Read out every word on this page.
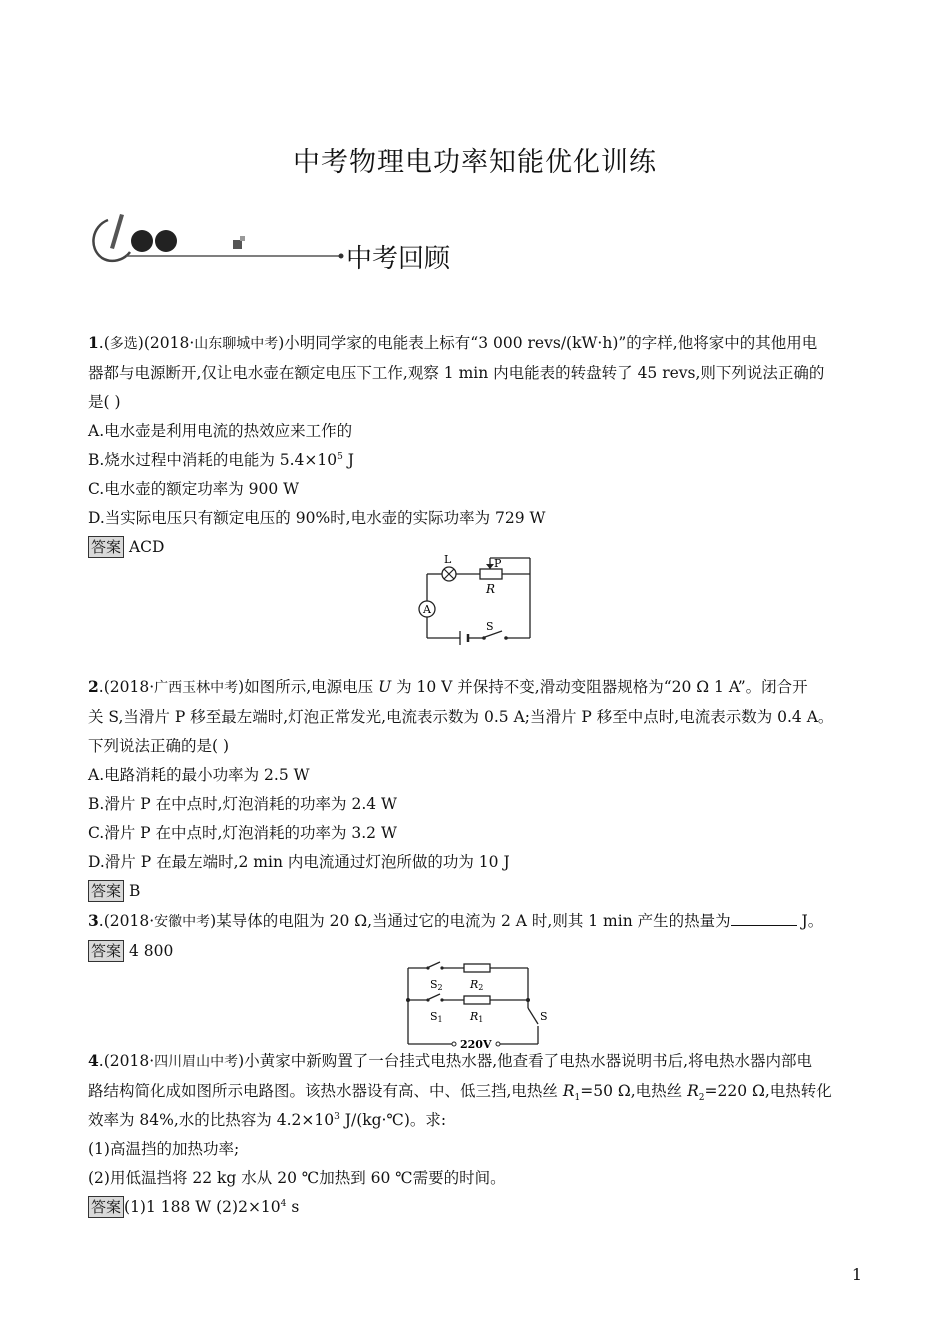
中考物理电功率知能优化训练
中考回顾
1.(多选)(2018·山东聊城中考)小明同学家的电能表上标有“3 000 revs/(kW·h)”的字样,他将家中的其他用电
器都与电源断开,仅让电水壶在额定电压下工作,观察 1 min 内电能表的转盘转了 45 revs,则下列说法正确的
是( )
A.电水壶是利用电流的热效应来工作的
B.烧水过程中消耗的电能为 $5.4\times 10^5$ J
C.电水壶的额定功率为 900 W
D.当实际电压只有额定电压的 90%时,电水壶的实际功率为 729 W
答案 ACD
A
L	P
R
S
2.(2018·广西玉林中考)如图所示,电源电压 U 为 10 V 并保持不变,滑动变阻器规格为“20 Ω 1 A”。闭合开
关 S,当滑片 P 移至最左端时,灯泡正常发光,电流表示数为 0.5 A;当滑片 P 移至中点时,电流表示数为 0.4 A。
下列说法正确的是( )
A.电路消耗的最小功率为 2.5 W
B.滑片 P 在中点时,灯泡消耗的功率为 2.4 W
C.滑片 P 在中点时,灯泡消耗的功率为 3.2 W
D.滑片 P 在最左端时,2 min 内电流通过灯泡所做的功为 10 J
答案 B
3.(2018·安徽中考)某导体的电阻为 20 Ω,当通过它的电流为 2 A 时,则其 1 min 产生的热量为	J。
答案 4 800
S2 R2
S1 R1	S
220V
4.(2018·四川眉山中考)小黄家中新购置了一台挂式电热水器,他查看了电热水器说明书后,将电热水器内部电
路结构简化成如图所示电路图。该热水器设有高、中、低三挡,电热丝 $R_1=50$ Ω,电热丝 $R_2=220$ Ω,电热转化
效率为 84%,水的比热容为 $4.2\times 10^3$ J/(kg·℃)。求:
(1)高温挡的加热功率;
(2)用低温挡将 22 kg 水从 20 ℃加热到 60 ℃需要的时间。
答案 (1)1 188 W $(2)2\times 10^4$ s
1
